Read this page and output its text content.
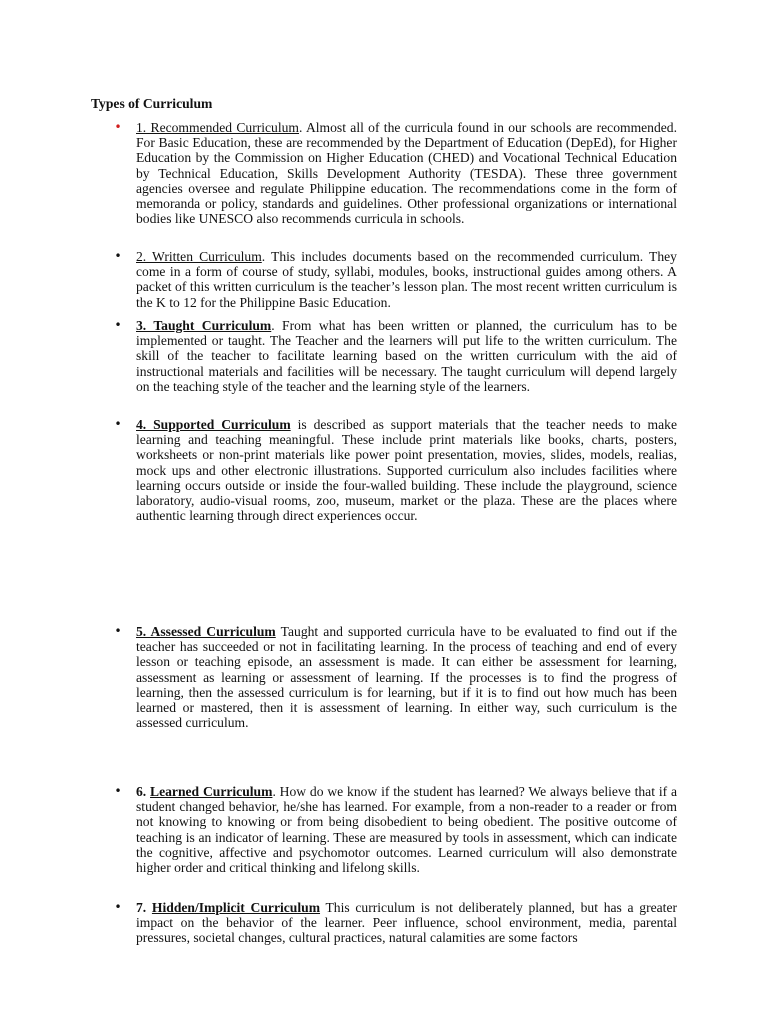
Types of Curriculum

• 1. Recommended Curriculum. Almost all of the curricula found in our schools are recommended. For Basic Education, these are recommended by the Department of Education (DepEd), for Higher Education by the Commission on Higher Education (CHED) and Vocational Technical Education by Technical Education, Skills Development Authority (TESDA). These three government agencies oversee and regulate Philippine education. The recommendations come in the form of memoranda or policy, standards and guidelines. Other professional organizations or international bodies like UNESCO also recommends curricula in schools.

• 2. Written Curriculum. This includes documents based on the recommended curriculum. They come in a form of course of study, syllabi, modules, books, instructional guides among others. A packet of this written curriculum is the teacher’s lesson plan. The most recent written curriculum is the K to 12 for the Philippine Basic Education.

• 3. Taught Curriculum. From what has been written or planned, the curriculum has to be implemented or taught. The Teacher and the learners will put life to the written curriculum. The skill of the teacher to facilitate learning based on the written curriculum with the aid of instructional materials and facilities will be necessary. The taught curriculum will depend largely on the teaching style of the teacher and the learning style of the learners.

• 4. Supported Curriculum is described as support materials that the teacher needs to make learning and teaching meaningful. These include print materials like books, charts, posters, worksheets or non-print materials like power point presentation, movies, slides, models, realias, mock ups and other electronic illustrations. Supported curriculum also includes facilities where learning occurs outside or inside the four-walled building. These include the playground, science laboratory, audio-visual rooms, zoo, museum, market or the plaza. These are the places where authentic learning through direct experiences occur.

• 5. Assessed Curriculum Taught and supported curricula have to be evaluated to find out if the teacher has succeeded or not in facilitating learning. In the process of teaching and end of every lesson or teaching episode, an assessment is made. It can either be assessment for learning, assessment as learning or assessment of learning. If the processes is to find the progress of learning, then the assessed curriculum is for learning, but if it is to find out how much has been learned or mastered, then it is assessment of learning. In either way, such curriculum is the assessed curriculum.

• 6. Learned Curriculum. How do we know if the student has learned? We always believe that if a student changed behavior, he/she has learned. For example, from a non-reader to a reader or from not knowing to knowing or from being disobedient to being obedient. The positive outcome of teaching is an indicator of learning. These are measured by tools in assessment, which can indicate the cognitive, affective and psychomotor outcomes. Learned curriculum will also demonstrate higher order and critical thinking and lifelong skills.

• 7. Hidden/Implicit Curriculum This curriculum is not deliberately planned, but has a greater impact on the behavior of the learner. Peer influence, school environment, media, parental pressures, societal changes, cultural practices, natural calamities are some factors
